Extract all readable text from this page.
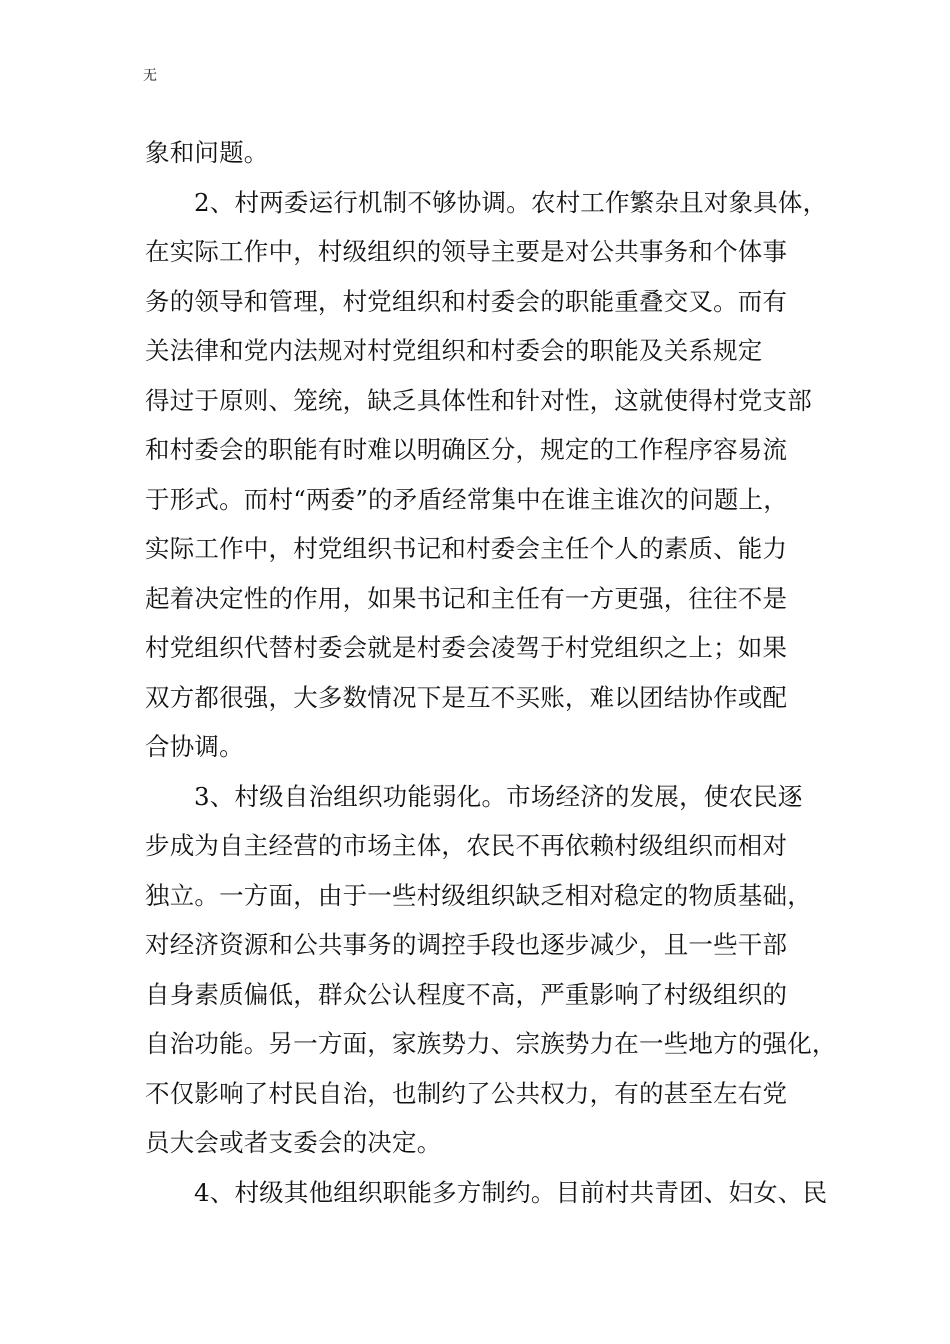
无
象和问题。
2、村两委运行机制不够协调。农村工作繁杂且对象具体，
在实际工作中，村级组织的领导主要是对公共事务和个体事
务的领导和管理，村党组织和村委会的职能重叠交叉。而有
关法律和党内法规对村党组织和村委会的职能及关系规定
得过于原则、笼统，缺乏具体性和针对性，这就使得村党支部
和村委会的职能有时难以明确区分，规定的工作程序容易流
于形式。而村“两委”的矛盾经常集中在谁主谁次的问题上，
实际工作中，村党组织书记和村委会主任个人的素质、能力
起着决定性的作用，如果书记和主任有一方更强，往往不是
村党组织代替村委会就是村委会凌驾于村党组织之上；如果
双方都很强，大多数情况下是互不买账，难以团结协作或配
合协调。
3、村级自治组织功能弱化。市场经济的发展，使农民逐
步成为自主经营的市场主体，农民不再依赖村级组织而相对
独立。一方面，由于一些村级组织缺乏相对稳定的物质基础，
对经济资源和公共事务的调控手段也逐步减少，且一些干部
自身素质偏低，群众公认程度不高，严重影响了村级组织的
自治功能。另一方面，家族势力、宗族势力在一些地方的强化，
不仅影响了村民自治，也制约了公共权力，有的甚至左右党
员大会或者支委会的决定。
4、村级其他组织职能多方制约。目前村共青团、妇女、民
